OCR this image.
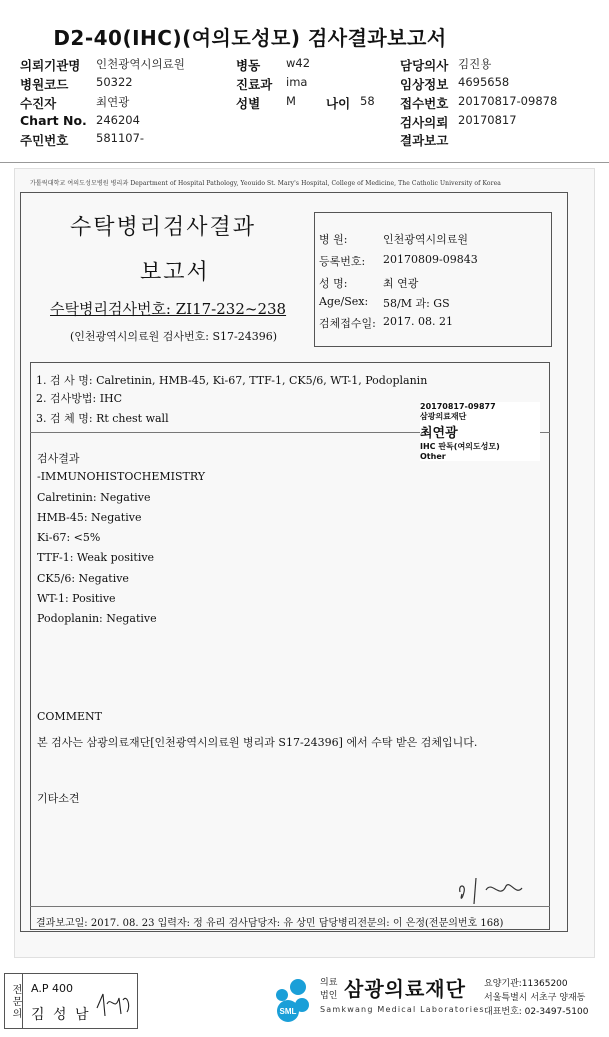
D2-40(IHC)(여의도성모) 검사결과보고서
의뢰기관명 인천광역시의료원	병동 w42	담당의사 김진용
병원코드 50322	진료과 ima	임상정보 4695658
수진자	최연광	성별 M 나이 58 접수번호 20170817-09878
Chart No. 246204	검사의뢰 20170817
주민번호 581107-	결과보고
가톨릭대학교 여의도성모병원 병리과 Department of Hospital Pathology, Yeouido St. Mary's Hospital, College of Medicine, The Catholic University of Korea
수탁병리검사결과
보고서
수탁병리검사번호: ZI17-232~238
(인천광역시의료원 검사번호: S17-24396)
병 원:	인천광역시의료원
등록번호: 20170809-09843
성 명:	최 연광
Age/Sex: 58/M 과: GS
검체접수일: 2017. 08. 21
1. 검 사 명: Calretinin, HMB-45, Ki-67, TTF-1, CK5/6, WT-1, Podoplanin
2. 검사방법: IHC
3. 검 체 명: Rt chest wall
20170817-09877
삼광의료재단
최연광
IHC 판독(여의도성모)
Other
검사결과
-IMMUNOHISTOCHEMISTRY
Calretinin: Negative
HMB-45: Negative
Ki-67: <5%
TTF-1: Weak positive
CK5/6: Negative
WT-1: Positive
Podoplanin: Negative
COMMENT
본 검사는 삼광의료재단[인천광역시의료원 병리과 S17-24396] 에서 수탁 받은 검체입니다.
기타소견
결과보고일: 2017. 08. 23 입력자: 정 유리 검사담당자: 유 상민 담당병리전문의: 이 은정(전문의번호 168)
전문의 A.P 400
김 성 남	SML
의료
법인 삼광의료재단
Samkwang Medical Laboratories
요양기관:11365200
서울특별시 서초구 양재동
대표번호: 02-3497-5100
